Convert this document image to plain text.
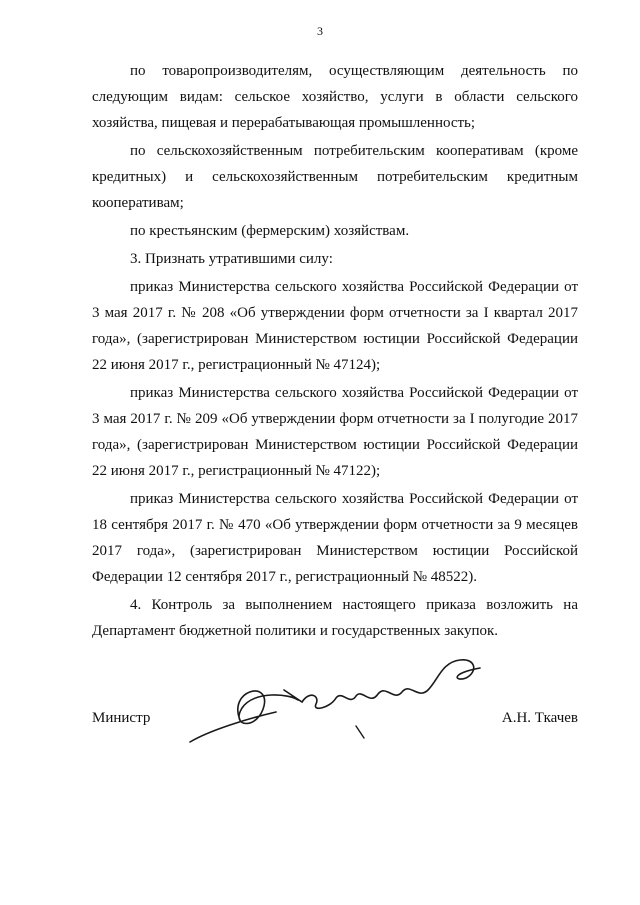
3

по товаропроизводителям, осуществляющим деятельность по следующим видам: сельское хозяйство, услуги в области сельского хозяйства, пищевая и перерабатывающая промышленность;

по сельскохозяйственным потребительским кооперативам (кроме кредитных) и сельскохозяйственным потребительским кредитным кооперативам;

по крестьянским (фермерским) хозяйствам.

3. Признать утратившими силу:

приказ Министерства сельского хозяйства Российской Федерации от 3 мая 2017 г. № 208 «Об утверждении форм отчетности за I квартал 2017 года», (зарегистрирован Министерством юстиции Российской Федерации 22 июня 2017 г., регистрационный № 47124);

приказ Министерства сельского хозяйства Российской Федерации от 3 мая 2017 г. № 209 «Об утверждении форм отчетности за I полугодие 2017 года», (зарегистрирован Министерством юстиции Российской Федерации 22 июня 2017 г., регистрационный № 47122);

приказ Министерства сельского хозяйства Российской Федерации от 18 сентября 2017 г. № 470 «Об утверждении форм отчетности за 9 месяцев 2017 года», (зарегистрирован Министерством юстиции Российской Федерации 12 сентября 2017 г., регистрационный № 48522).

4. Контроль за выполнением настоящего приказа возложить на Департамент бюджетной политики и государственных закупок.

Министр	А.Н. Ткачев
